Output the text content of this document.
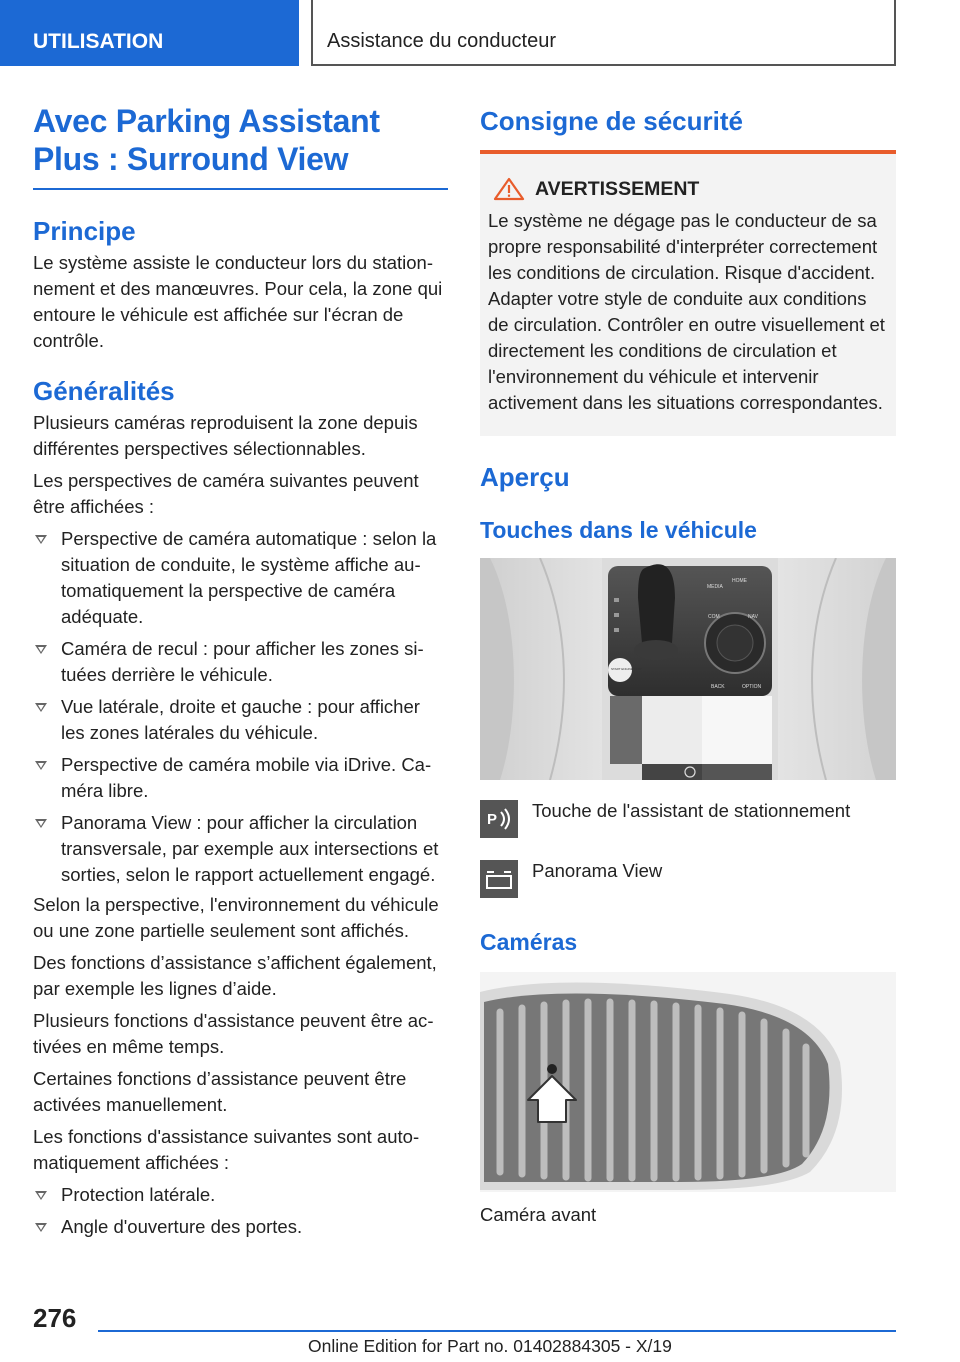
UTILISATION	Assistance du conducteur
Avec Parking Assistant Plus : Surround View
Principe

Le système assiste le conducteur lors du stationnement et des manœuvres. Pour cela, la zone qui entoure le véhicule est affichée sur l'écran de contrôle.

Généralités

Plusieurs caméras reproduisent la zone depuis différentes perspectives sélectionnables.

Les perspectives de caméra suivantes peuvent être affichées :

Perspective de caméra automatique : selon la situation de conduite, le système affiche automatiquement la perspective de caméra adéquate.
Caméra de recul : pour afficher les zones situées derrière le véhicule.
Vue latérale, droite et gauche : pour afficher les zones latérales du véhicule.
Perspective de caméra mobile via iDrive. Caméra libre.
Panorama View : pour afficher la circulation transversale, par exemple aux intersections et sorties, selon le rapport actuellement engagé.

Selon la perspective, l'environnement du véhicule ou une zone partielle seulement sont affichés.

Des fonctions d’assistance s’affichent également, par exemple les lignes d’aide.

Plusieurs fonctions d'assistance peuvent être activées en même temps.

Certaines fonctions d’assistance peuvent être activées manuellement.

Les fonctions d'assistance suivantes sont automatiquement affichées :

Protection latérale.
Angle d'ouverture des portes.
Consigne de sécurité
AVERTISSEMENT

Le système ne dégage pas le conducteur de sa propre responsabilité d'interpréter correctement les conditions de circulation. Risque d'accident. Adapter votre style de conduite aux conditions de circulation. Contrôler en outre visuellement et directement les conditions de circulation et l'environnement du véhicule et intervenir activement dans les situations correspondantes.

Aperçu
Touches dans le véhicule
MEDIA
HOME
COM	NAV
BACK	OPTION
START ENGINE STOP
P Touche de l'assistant de stationnement
Panorama View
Caméras

Caméra avant

276
Online Edition for Part no. 01402884305 - X/19
